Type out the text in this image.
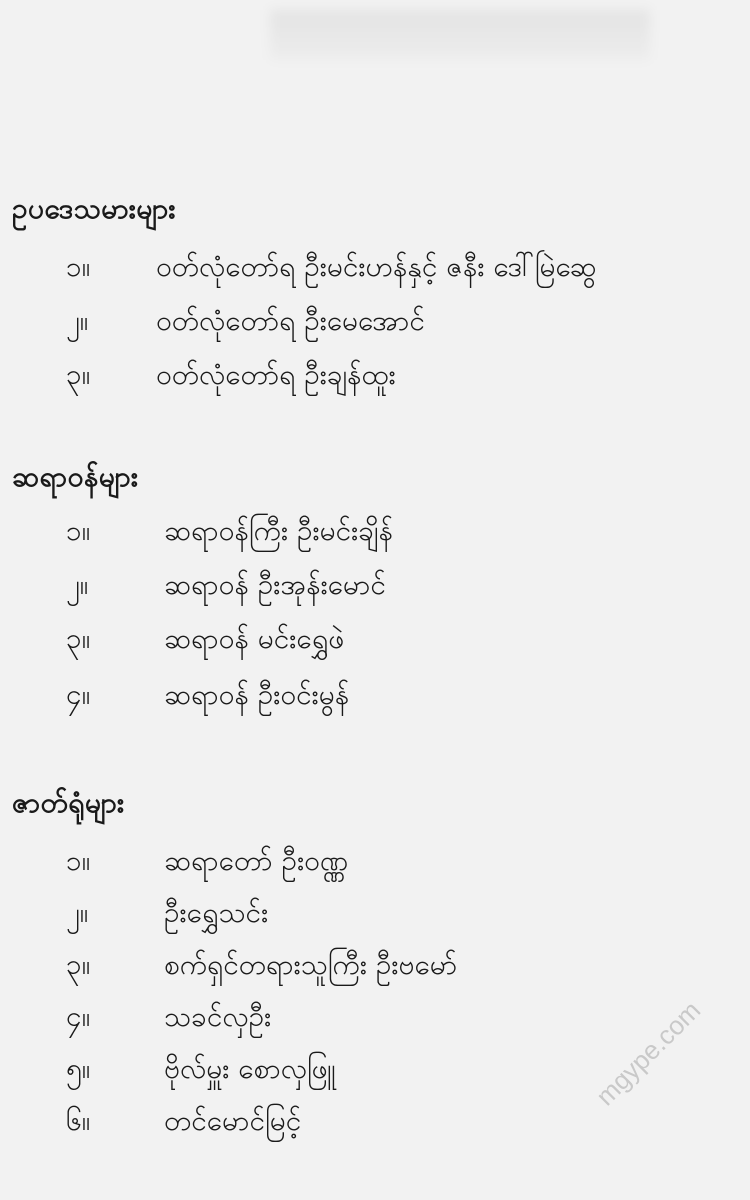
ဥပဒေသမားများ
၁။	ဝတ်လုံတော်ရ ဦးမင်းဟန်နှင့် ဇနီး ဒေါ်မြဲဆွေ
၂။	ဝတ်လုံတော်ရ ဦးမေအောင်
၃။	ဝတ်လုံတော်ရ ဦးချန်ထူး
ဆရာဝန်များ
၁။	ဆရာဝန်ကြီး ဦးမင်းချိန်
၂။	ဆရာဝန် ဦးအုန်းမောင်
၃။	ဆရာဝန် မင်းရွှေဖဲ
၄။	ဆရာဝန် ဦးဝင်းမွန်
ဇာတ်ရုံများ
၁။	ဆရာတော် ဦးဝဏ္ဏ
၂။	ဦးရွှေသင်း
၃။	စက်ရှင်တရားသူကြီး ဦးဗမော်
၄။	သခင်လှဦး
၅။	ဗိုလ်မှူး စောလှဖြူ
၆။	တင်မောင်မြင့်
mgype.com
